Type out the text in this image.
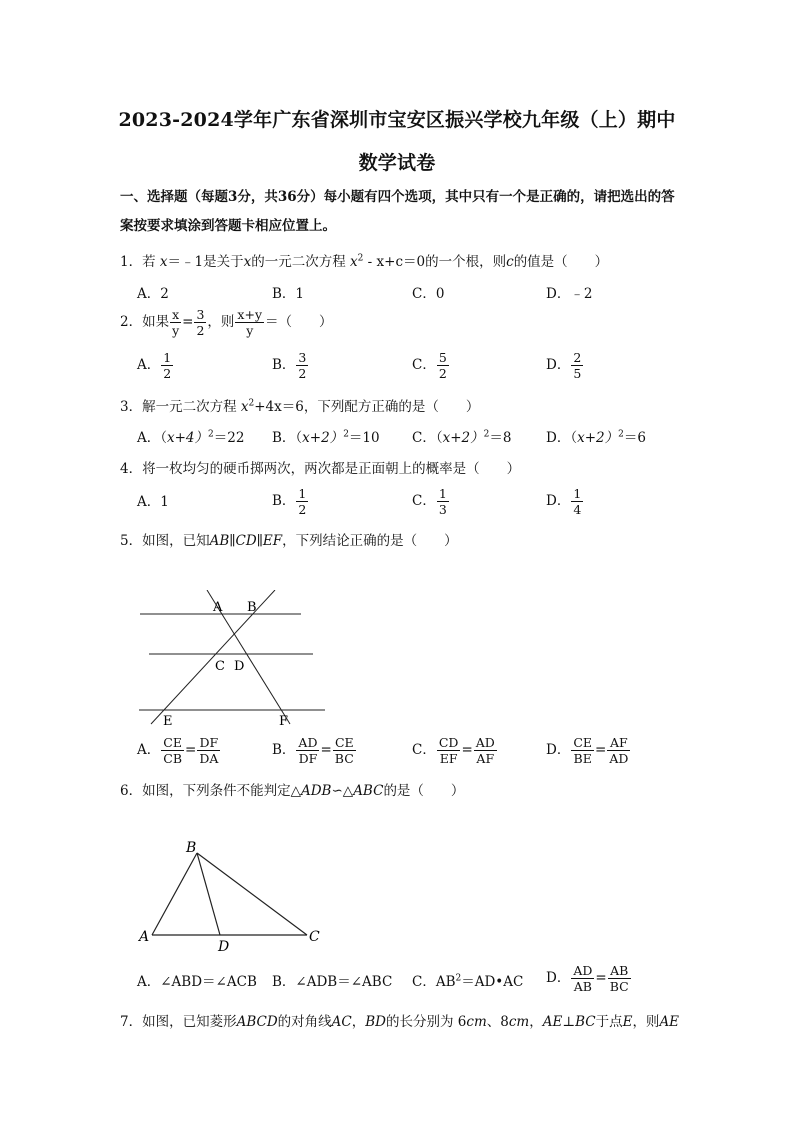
2023-2024学年广东省深圳市宝安区振兴学校九年级（上）期中
数学试卷
一、选择题（每题3分，共36分）每小题有四个选项，其中只有一个是正确的，请把选出的答案按要求填涂到答题卡相应位置上。
1．若 x＝﹣1是关于x的一元二次方程 $x^2 - x+c=0$的一个根，则c的值是（　　）
A．2	B．1	C．0	D．﹣2
2．如果 $\frac{x}{y} = \frac{3}{2}$ ，则 $\frac{x+y}{y}$ ＝（　　）
A． $\frac{1}{2}$	B． $\frac{3}{2}$	C． $\frac{5}{2}$	D． $\frac{2}{5}$
3．解一元二次方程 $x^2+4x=6$，下列配方正确的是（　　）
A．$(x+4)^2=22$ B．$(x+2)^2=10$ C．$(x+2)^2=8$	D．$(x+2)^2=6$
4．将一枚均匀的硬币掷两次，两次都是正面朝上的概率是（　　）
A．1	B． $\frac{1}{2}$	C． $\frac{1}{3}$	D． $\frac{1}{4}$
5．如图，已知AB∥CD∥EF，下列结论正确的是（　　）
A B
C D
E	F
A． $\frac{CE}{CB} = \frac{DF}{DA}$	B． $\frac{AD}{DF} = \frac{CE}{BC}$	C． $\frac{CD}{EF} = \frac{AD}{AF}$	D． $\frac{CE}{BE} = \frac{AF}{AD}$
6．如图，下列条件不能判定△ADB∽△ABC的是（　　）
B
A
D
C
A．∠ABD＝∠ACB B．∠ADB＝∠ABC C．$AB^2=AD•AC$ D． $\frac{AD}{AB} = \frac{AB}{BC}$
7．如图，已知菱形ABCD的对角线AC，BD的长分别为 6cm、8cm，AE⊥BC于点E，则AE
